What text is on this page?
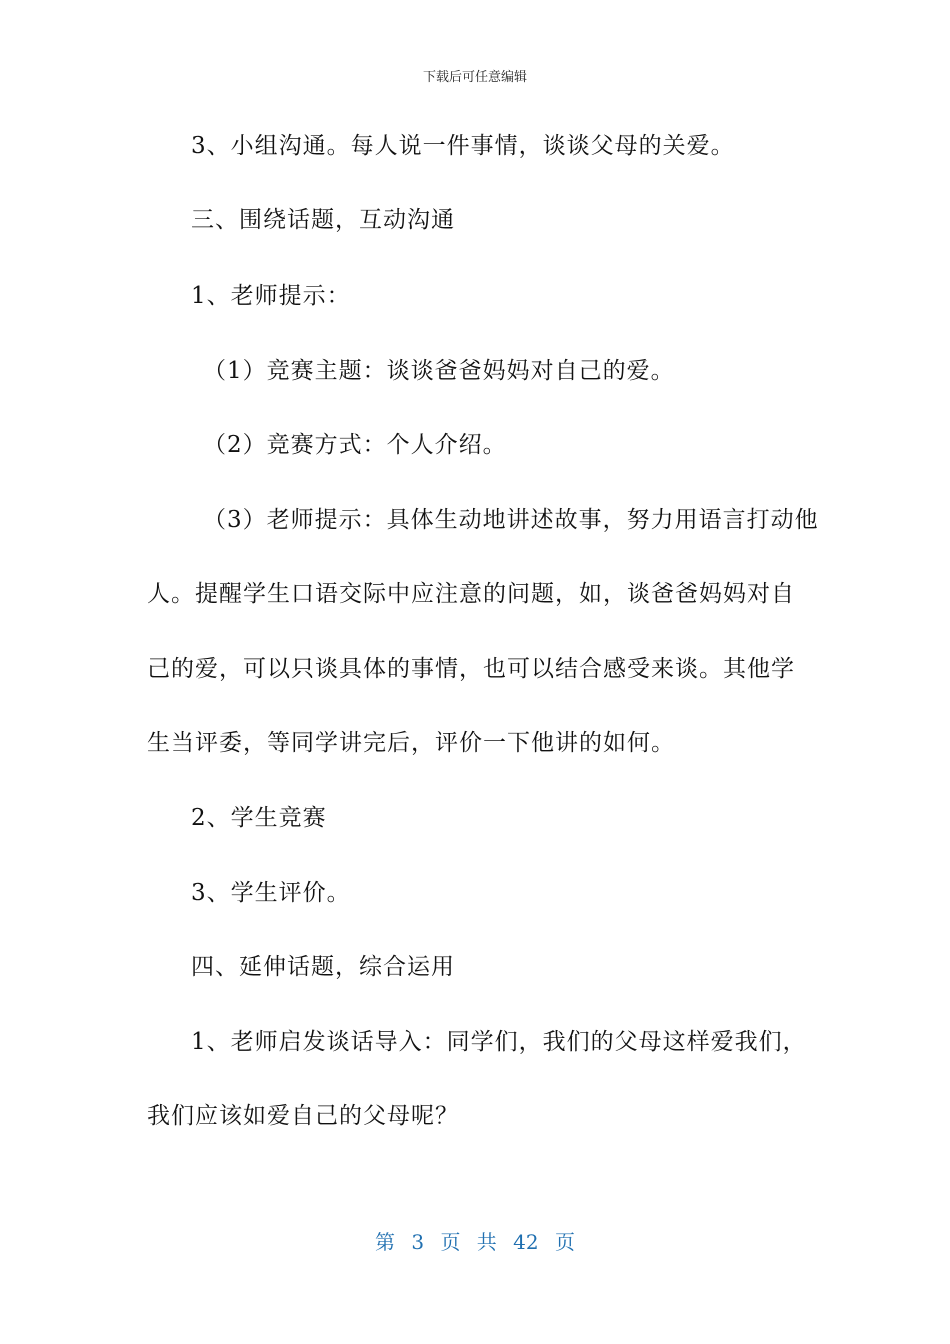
下载后可任意编辑
3、小组沟通。每人说一件事情，谈谈父母的关爱。
三、围绕话题，互动沟通
1、老师提示：
（1）竞赛主题：谈谈爸爸妈妈对自己的爱。
（2）竞赛方式：个人介绍。
（3）老师提示：具体生动地讲述故事，努力用语言打动他
人。提醒学生口语交际中应注意的问题，如，谈爸爸妈妈对自
己的爱，可以只谈具体的事情，也可以结合感受来谈。其他学
生当评委，等同学讲完后，评价一下他讲的如何。
2、学生竞赛
3、学生评价。
四、延伸话题，综合运用
1、老师启发谈话导入：同学们，我们的父母这样爱我们，
我们应该如爱自己的父母呢？
第 3 页 共 42 页
